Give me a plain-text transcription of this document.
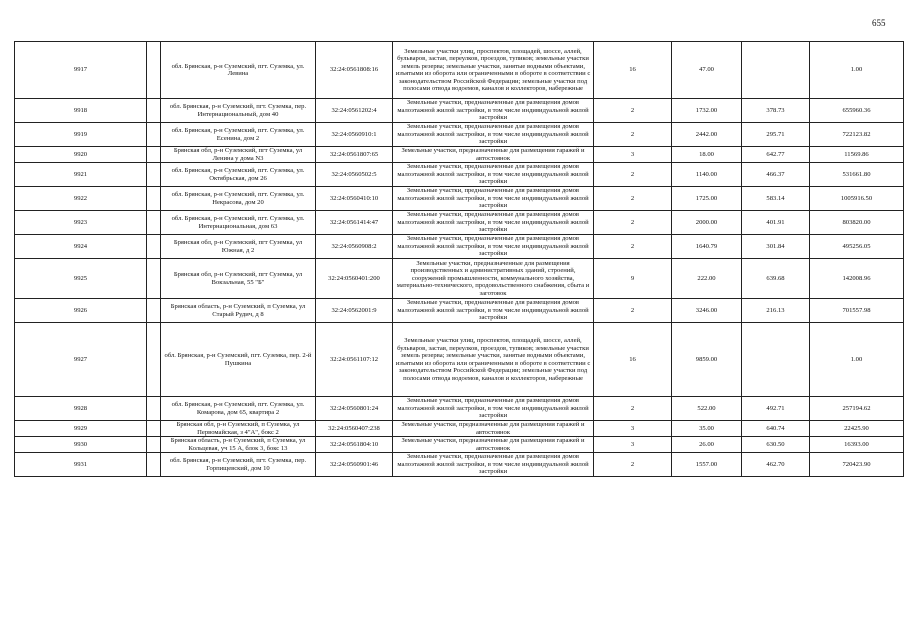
655
9917		обл. Брянская, р-н Суземский, пгт. Суземка, ул. Левина	32:24:0561808:16	Земельные участки улиц, проспектов, площадей, шоссе, аллей, бульваров, застав, переулков, проездов, тупиков; земельные участки земель резерва; земельные участки, занятые водными объектами, изъятыми из оборота или ограниченными в обороте в соответствии с законодательством Российской Федерации; земельные участки под полосами отвода водоемов, каналов и коллекторов, набережные	16	47.00		1.00
9918		обл. Брянская, р-н Суземский, пгт. Суземка, пер. Интернациональный, дом 40	32:24:0561202:4	Земельные участки, предназначенные для размещения домов малоэтажной жилой застройки, в том числе индивидуальной жилой застройки	2	1732.00	378.73	655960.36
9919		обл. Брянская, р-н Суземский, пгт. Суземка, ул. Есенина, дом 2	32:24:0560910:1	Земельные участки, предназначенные для размещения домов малоэтажной жилой застройки, в том числе индивидуальной жилой застройки	2	2442.00	295.71	722123.82
9920		Брянская обл, р-н Суземский, пгт Суземка, ул Ленина у дома N3	32:24:0561807:65	Земельные участки, предназначенные для размещения гаражей и автостоянок	3	18.00	642.77	11569.86
9921		обл. Брянская, р-н Суземский, пгт. Суземка, ул. Октябрьская, дом 26	32:24:0560502:5	Земельные участки, предназначенные для размещения домов малоэтажной жилой застройки, в том числе индивидуальной жилой застройки	2	1140.00	466.37	531661.80
9922		обл. Брянская, р-н Суземский, пгт. Суземка, ул. Некрасова, дом 20	32:24:0560410:10	Земельные участки, предназначенные для размещения домов малоэтажной жилой застройки, в том числе индивидуальной жилой застройки	2	1725.00	583.14	1005916.50
9923		обл. Брянская, р-н Суземский, пгт. Суземка, ул. Интернациональная, дом 63	32:24:0561414:47	Земельные участки, предназначенные для размещения домов малоэтажной жилой застройки, в том числе индивидуальной жилой застройки	2	2000.00	401.91	803820.00
9924		Брянская обл, р-н Суземский, пгт Суземка, ул Южная, д 2	32:24:0560908:2	Земельные участки, предназначенные для размещения домов малоэтажной жилой застройки, в том числе индивидуальной жилой застройки	2	1640.79	301.84	495256.05
9925		Брянская обл, р-н Суземский, пгт Суземка, ул Вокзальная, 55 "Б"	32:24:0560401:200	Земельные участки, предназначенные для размещения производственных и административных зданий, строений, сооружений промышленности, коммунального хозяйства, материально-технического, продовольственного снабжения, сбыта и заготовок	9	222.00	639.68	142008.96
9926		Брянская область, р-н Суземский, п Суземка, ул Старый Рудич, д 8	32:24:0562001:9	Земельные участки, предназначенные для размещения домов малоэтажной жилой застройки, в том числе индивидуальной жилой застройки	2	3246.00	216.13	701557.98
9927		обл. Брянская, р-н Суземский, пгт. Суземка, пер. 2-й Пушкина	32:24:0561107:12	Земельные участки улиц, проспектов, площадей, шоссе, аллей, бульваров, застав, переулков, проездов, тупиков; земельные участки земель резерва; земельные участки, занятые водными объектами, изъятыми из оборота или ограниченными в обороте в соответствии с законодательством Российской Федерации; земельные участки под полосами отвода водоемов, каналов и коллекторов, набережные	16	9859.00		1.00
9928		обл. Брянская, р-н Суземский, пгт. Суземка, ул. Комарова, дом 65, квартира 2	32:24:0560801:24	Земельные участки, предназначенные для размещения домов малоэтажной жилой застройки, в том числе индивидуальной жилой застройки	2	522.00	492.71	257194.62
9929		Брянская обл, р-н Суземский, п Суземка, ул Первомайская, з 4"А", бокс 2	32:24:0560407:238	Земельные участки, предназначенные для размещения гаражей и автостоянок	3	35.00	640.74	22425.90
9930		Брянская область, р-н Суземский, п Суземка, ул Кольцевая, уч 15 А, блок 3, бокс 13	32:24:0561804:10	Земельные участки, предназначенные для размещения гаражей и автостоянок	3	26.00	630.50	16393.00
9931		обл. Брянская, р-н Суземский, пгт. Суземка, пер. Горпищевский, дом 10	32:24:0560901:46	Земельные участки, предназначенные для размещения домов малоэтажной жилой застройки, в том числе индивидуальной жилой застройки	2	1557.00	462.70	720423.90
